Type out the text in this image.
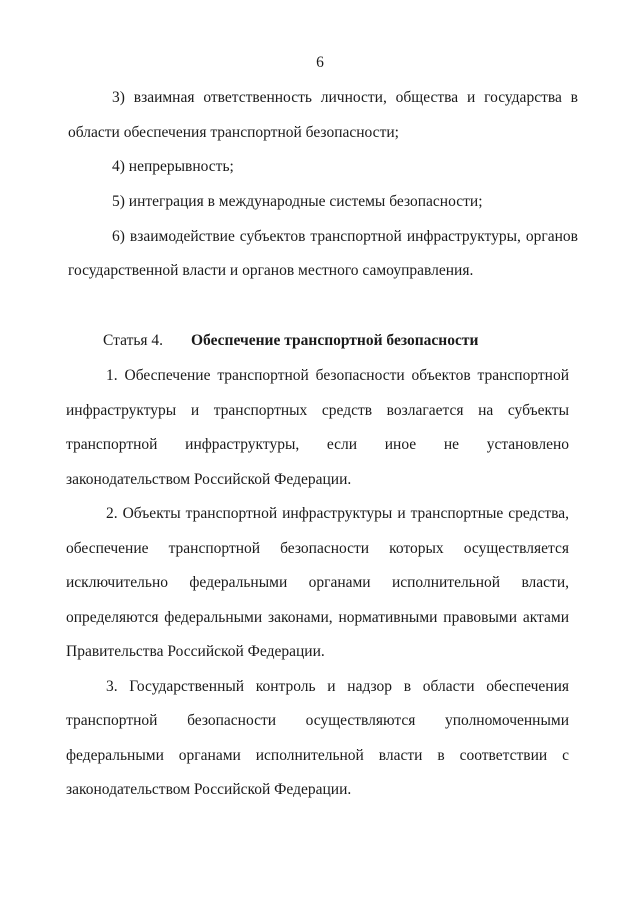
6
3) взаимная ответственность личности, общества и государства в
области обеспечения транспортной безопасности;
4) непрерывность;
5) интеграция в международные системы безопасности;
6) взаимодействие субъектов транспортной инфраструктуры, органов
государственной власти и органов местного самоуправления.
Статья 4. Обеспечение транспортной безопасности
1. Обеспечение транспортной безопасности объектов транспортной
инфраструктуры и транспортных средств возлагается на субъекты
транспортной инфраструктуры, если иное не установлено
законодательством Российской Федерации.
2. Объекты транспортной инфраструктуры и транспортные средства,
обеспечение транспортной безопасности которых осуществляется
исключительно федеральными органами исполнительной власти,
определяются федеральными законами, нормативными правовыми актами
Правительства Российской Федерации.
3. Государственный контроль и надзор в области обеспечения
транспортной безопасности осуществляются уполномоченными
федеральными органами исполнительной власти в соответствии с
законодательством Российской Федерации.
